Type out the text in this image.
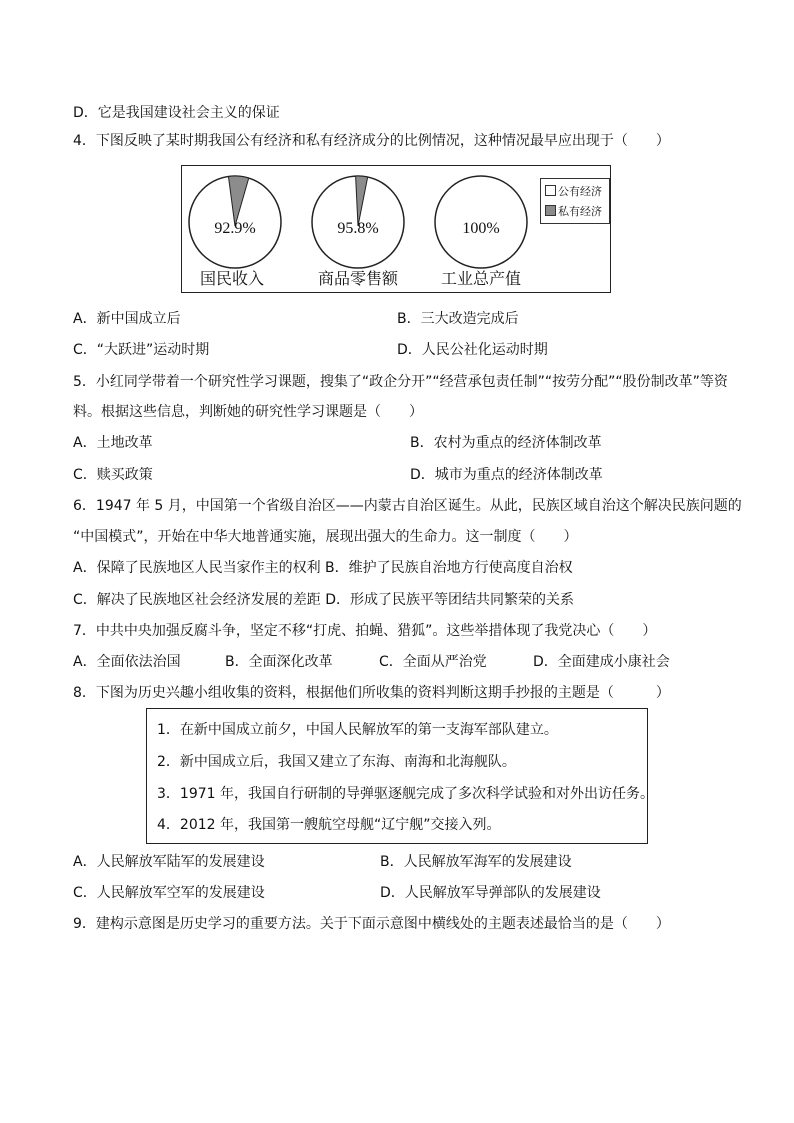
D．它是我国建设社会主义的保证
4．下图反映了某时期我国公有经济和私有经济成分的比例情况，这种情况最早应出现于（　　）
92.9%	95.8%	100%
国民收入	商品零售额	工业总产值
公有经济
私有经济
A．新中国成立后	B．三大改造完成后
C．“大跃进”运动时期	D．人民公社化运动时期
5．小红同学带着一个研究性学习课题，搜集了“政企分开”“经营承包责任制”“按劳分配”“股份制改革”等资
料。根据这些信息，判断她的研究性学习课题是（　　）
A．土地改革	B．农村为重点的经济体制改革
C．赎买政策	D．城市为重点的经济体制改革
6．1947 年 5 月，中国第一个省级自治区——内蒙古自治区诞生。从此，民族区域自治这个解决民族问题的
“中国模式”，开始在中华大地普通实施，展现出强大的生命力。这一制度（　　）
A．保障了民族地区人民当家作主的权利 B．维护了民族自治地方行使高度自治权
C．解决了民族地区社会经济发展的差距 D．形成了民族平等团结共同繁荣的关系
7．中共中央加强反腐斗争，坚定不移“打虎、拍蝇、猎狐”。这些举措体现了我党决心（　　）
A．全面依法治国	B．全面深化改革	C．全面从严治党	D．全面建成小康社会
8．下图为历史兴趣小组收集的资料，根据他们所收集的资料判断这期手抄报的主题是（　　　）
1．在新中国成立前夕，中国人民解放军的第一支海军部队建立。
2．新中国成立后，我国又建立了东海、南海和北海舰队。
3．1971 年，我国自行研制的导弹驱逐舰完成了多次科学试验和对外出访任务。
4．2012 年，我国第一艘航空母舰“辽宁舰”交接入列。
A．人民解放军陆军的发展建设	B．人民解放军海军的发展建设
C．人民解放军空军的发展建设	D．人民解放军导弹部队的发展建设
9．建构示意图是历史学习的重要方法。关于下面示意图中横线处的主题表述最恰当的是（　　）
